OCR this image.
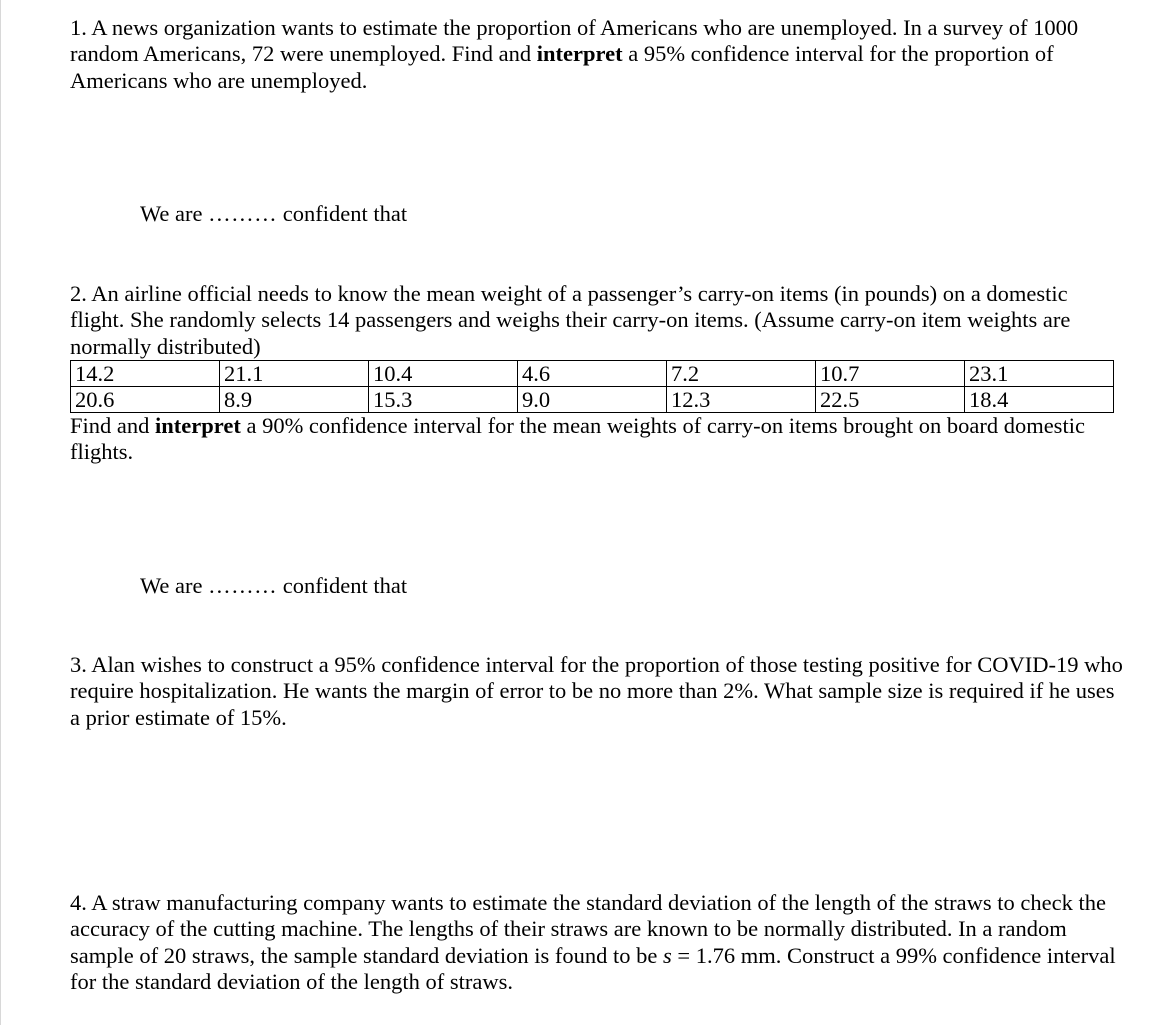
1. A news organization wants to estimate the proportion of Americans who are unemployed. In a survey of 1000 random Americans, 72 were unemployed. Find and interpret a 95% confidence interval for the proportion of Americans who are unemployed.
We are ……… confident that
2. An airline official needs to know the mean weight of a passenger’s carry-on items (in pounds) on a domestic flight. She randomly selects 14 passengers and weighs their carry-on items. (Assume carry-on item weights are normally distributed)
14.2	21.1	10.4	4.6	7.2	10.7	23.1
20.6	8.9	15.3	9.0	12.3	22.5	18.4
Find and interpret a 90% confidence interval for the mean weights of carry-on items brought on board domestic flights.
We are ……… confident that
3. Alan wishes to construct a 95% confidence interval for the proportion of those testing positive for COVID-19 who require hospitalization. He wants the margin of error to be no more than 2%. What sample size is required if he uses a prior estimate of 15%.
4. A straw manufacturing company wants to estimate the standard deviation of the length of the straws to check the accuracy of the cutting machine. The lengths of their straws are known to be normally distributed. In a random sample of 20 straws, the sample standard deviation is found to be s = 1.76 mm. Construct a 99% confidence interval for the standard deviation of the length of straws.
